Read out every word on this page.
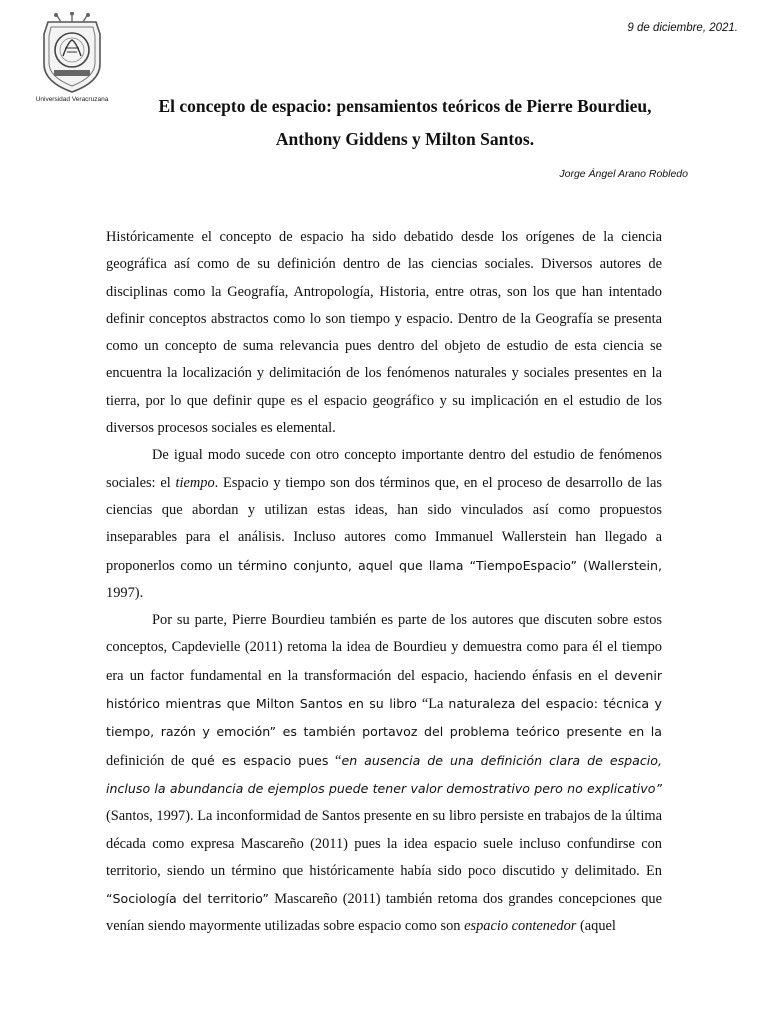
Universidad Veracruzana
9 de diciembre, 2021.
El concepto de espacio: pensamientos teóricos de Pierre Bourdieu,
Anthony Giddens y Milton Santos.
Jorge Ángel Arano Robledo

Históricamente el concepto de espacio ha sido debatido desde los orígenes de la ciencia geográfica así como de su definición dentro de las ciencias sociales. Diversos autores de disciplinas como la Geografía, Antropología, Historia, entre otras, son los que han intentado definir conceptos abstractos como lo son tiempo y espacio. Dentro de la Geografía se presenta como un concepto de suma relevancia pues dentro del objeto de estudio de esta ciencia se encuentra la localización y delimitación de los fenómenos naturales y sociales presentes en la tierra, por lo que definir qupe es el espacio geográfico y su implicación en el estudio de los diversos procesos sociales es elemental.

De igual modo sucede con otro concepto importante dentro del estudio de fenómenos sociales: el tiempo. Espacio y tiempo son dos términos que, en el proceso de desarrollo de las ciencias que abordan y utilizan estas ideas, han sido vinculados así como propuestos inseparables para el análisis. Incluso autores como Immanuel Wallerstein han llegado a proponerlos como un término conjunto, aquel que llama “TiempoEspacio” (Wallerstein, 1997).

Por su parte, Pierre Bourdieu también es parte de los autores que discuten sobre estos conceptos, Capdevielle (2011) retoma la idea de Bourdieu y demuestra como para él el tiempo era un factor fundamental en la transformación del espacio, haciendo énfasis en el devenir histórico mientras que Milton Santos en su libro “La naturaleza del espacio: técnica y tiempo, razón y emoción” es también portavoz del problema teórico presente en la definición de qué es espacio pues “en ausencia de una definición clara de espacio, incluso la abundancia de ejemplos puede tener valor demostrativo pero no explicativo” (Santos, 1997). La inconformidad de Santos presente en su libro persiste en trabajos de la última década como expresa Mascareño (2011) pues la idea espacio suele incluso confundirse con territorio, siendo un término que históricamente había sido poco discutido y delimitado. En “Sociología del territorio” Mascareño (2011) también retoma dos grandes concepciones que venían siendo mayormente utilizadas sobre espacio como son espacio contenedor (aquel
